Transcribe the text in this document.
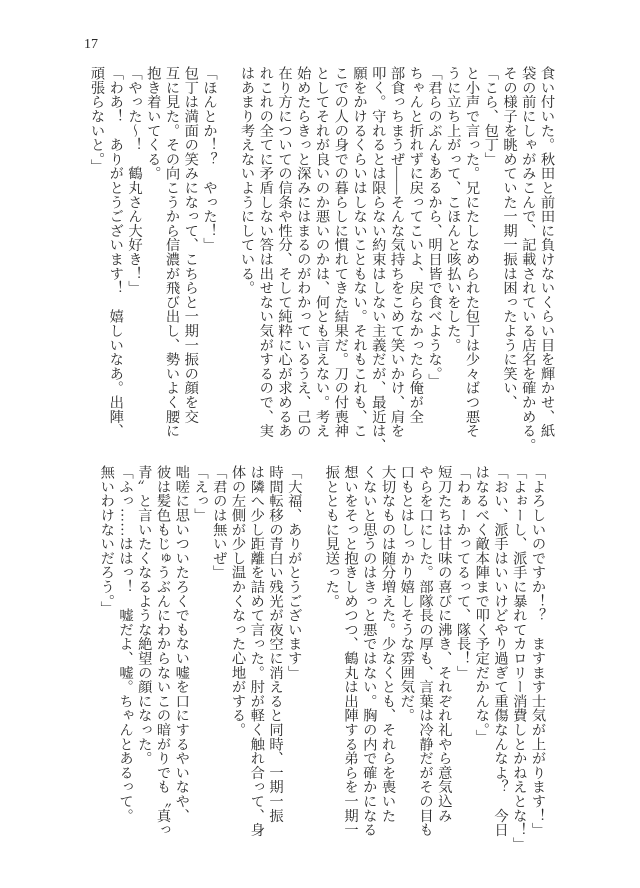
17
食い付いた。秋田と前田に負けないくらい目を輝かせ、紙
袋の前にしゃがみこんで、記載されている店名を確かめる。
その様子を眺めていた一期一振は困ったように笑い、
「こら、包丁」
と小声で言った。兄にたしなめられた包丁は少々ばつ悪そ
うに立ち上がって、こほんと咳払いをした。
「君らのぶんもあるから、明日皆で食べような。」
ちゃんと折れずに戻ってこいよ、戻らなかったら俺が全
部食っちまうぜ――そんな気持ちをこめて笑いかけ、肩を
叩く。守れるとは限らない約束はしない主義だが、最近は、
願をかけるくらいはしないこともない。それもこれも、こ
こでの人の身での暮らしに慣れてきた結果だ。刀の付喪神
としてそれが良いのか悪いのかは、何とも言えない。考え
始めたらきっと深みにはまるのがわかっているうえ、己の
在り方についての信条や性分、そして純粋に心が求めるあ
れこれの全てに矛盾しない答は出せない気がするので、実
はあまり考えないようにしている。
「ほんとか！？　やった！」
包丁は満面の笑みになって、こちらと一期一振の顔を交
互に見た。その向こうから信濃が飛び出し、勢いよく腰に
抱き着いてくる。
「やった～！　鶴丸さん大好き！」
「わあ！　ありがとうございます！　嬉しいなあ。出陣、
頑張らないと。」
「よろしいのですか！？　ますます士気が上がります！」
「よぉーし、派手に暴れてカロリー消費しとかねえとな！」
「おい、派手はいいけどやり過ぎて重傷なんなよ？　今日
はなるべく敵本陣まで叩く予定だかんな。」
「わぁーかってるって、隊長！」
短刀たちは甘味の喜びに沸き、それぞれ礼やら意気込み
やらを口にした。部隊長の厚も、言葉は冷静だがその目も
口もとはしっかり嬉しそうな雰囲気だ。
大切なものは随分増えた。少なくとも、それらを喪いた
くないと思うのはきっと悪ではない。胸の内で確かになる
想いをそっと抱きしめつつ、鶴丸は出陣する弟らを一期一
振とともに見送った。
「大福、ありがとうございます」
時間転移の青白い残光が夜空に消えると同時、一期一振
は隣へ少し距離を詰めて言った。肘が軽く触れ合って、身
体の左側が少し温かくなった心地がする。
「君のは無いぜ」
「えっ」
咄嗟に思いついたろくでもない嘘を口にするやいなや、
彼は髪色もじゅうぶんにわからないこの暗がりでも〝真っ
青〟と言いたくなるような絶望の顔になった。
「ふっ……ははっ！　嘘だよ、嘘。ちゃんとあるって。
無いわけないだろう。」
